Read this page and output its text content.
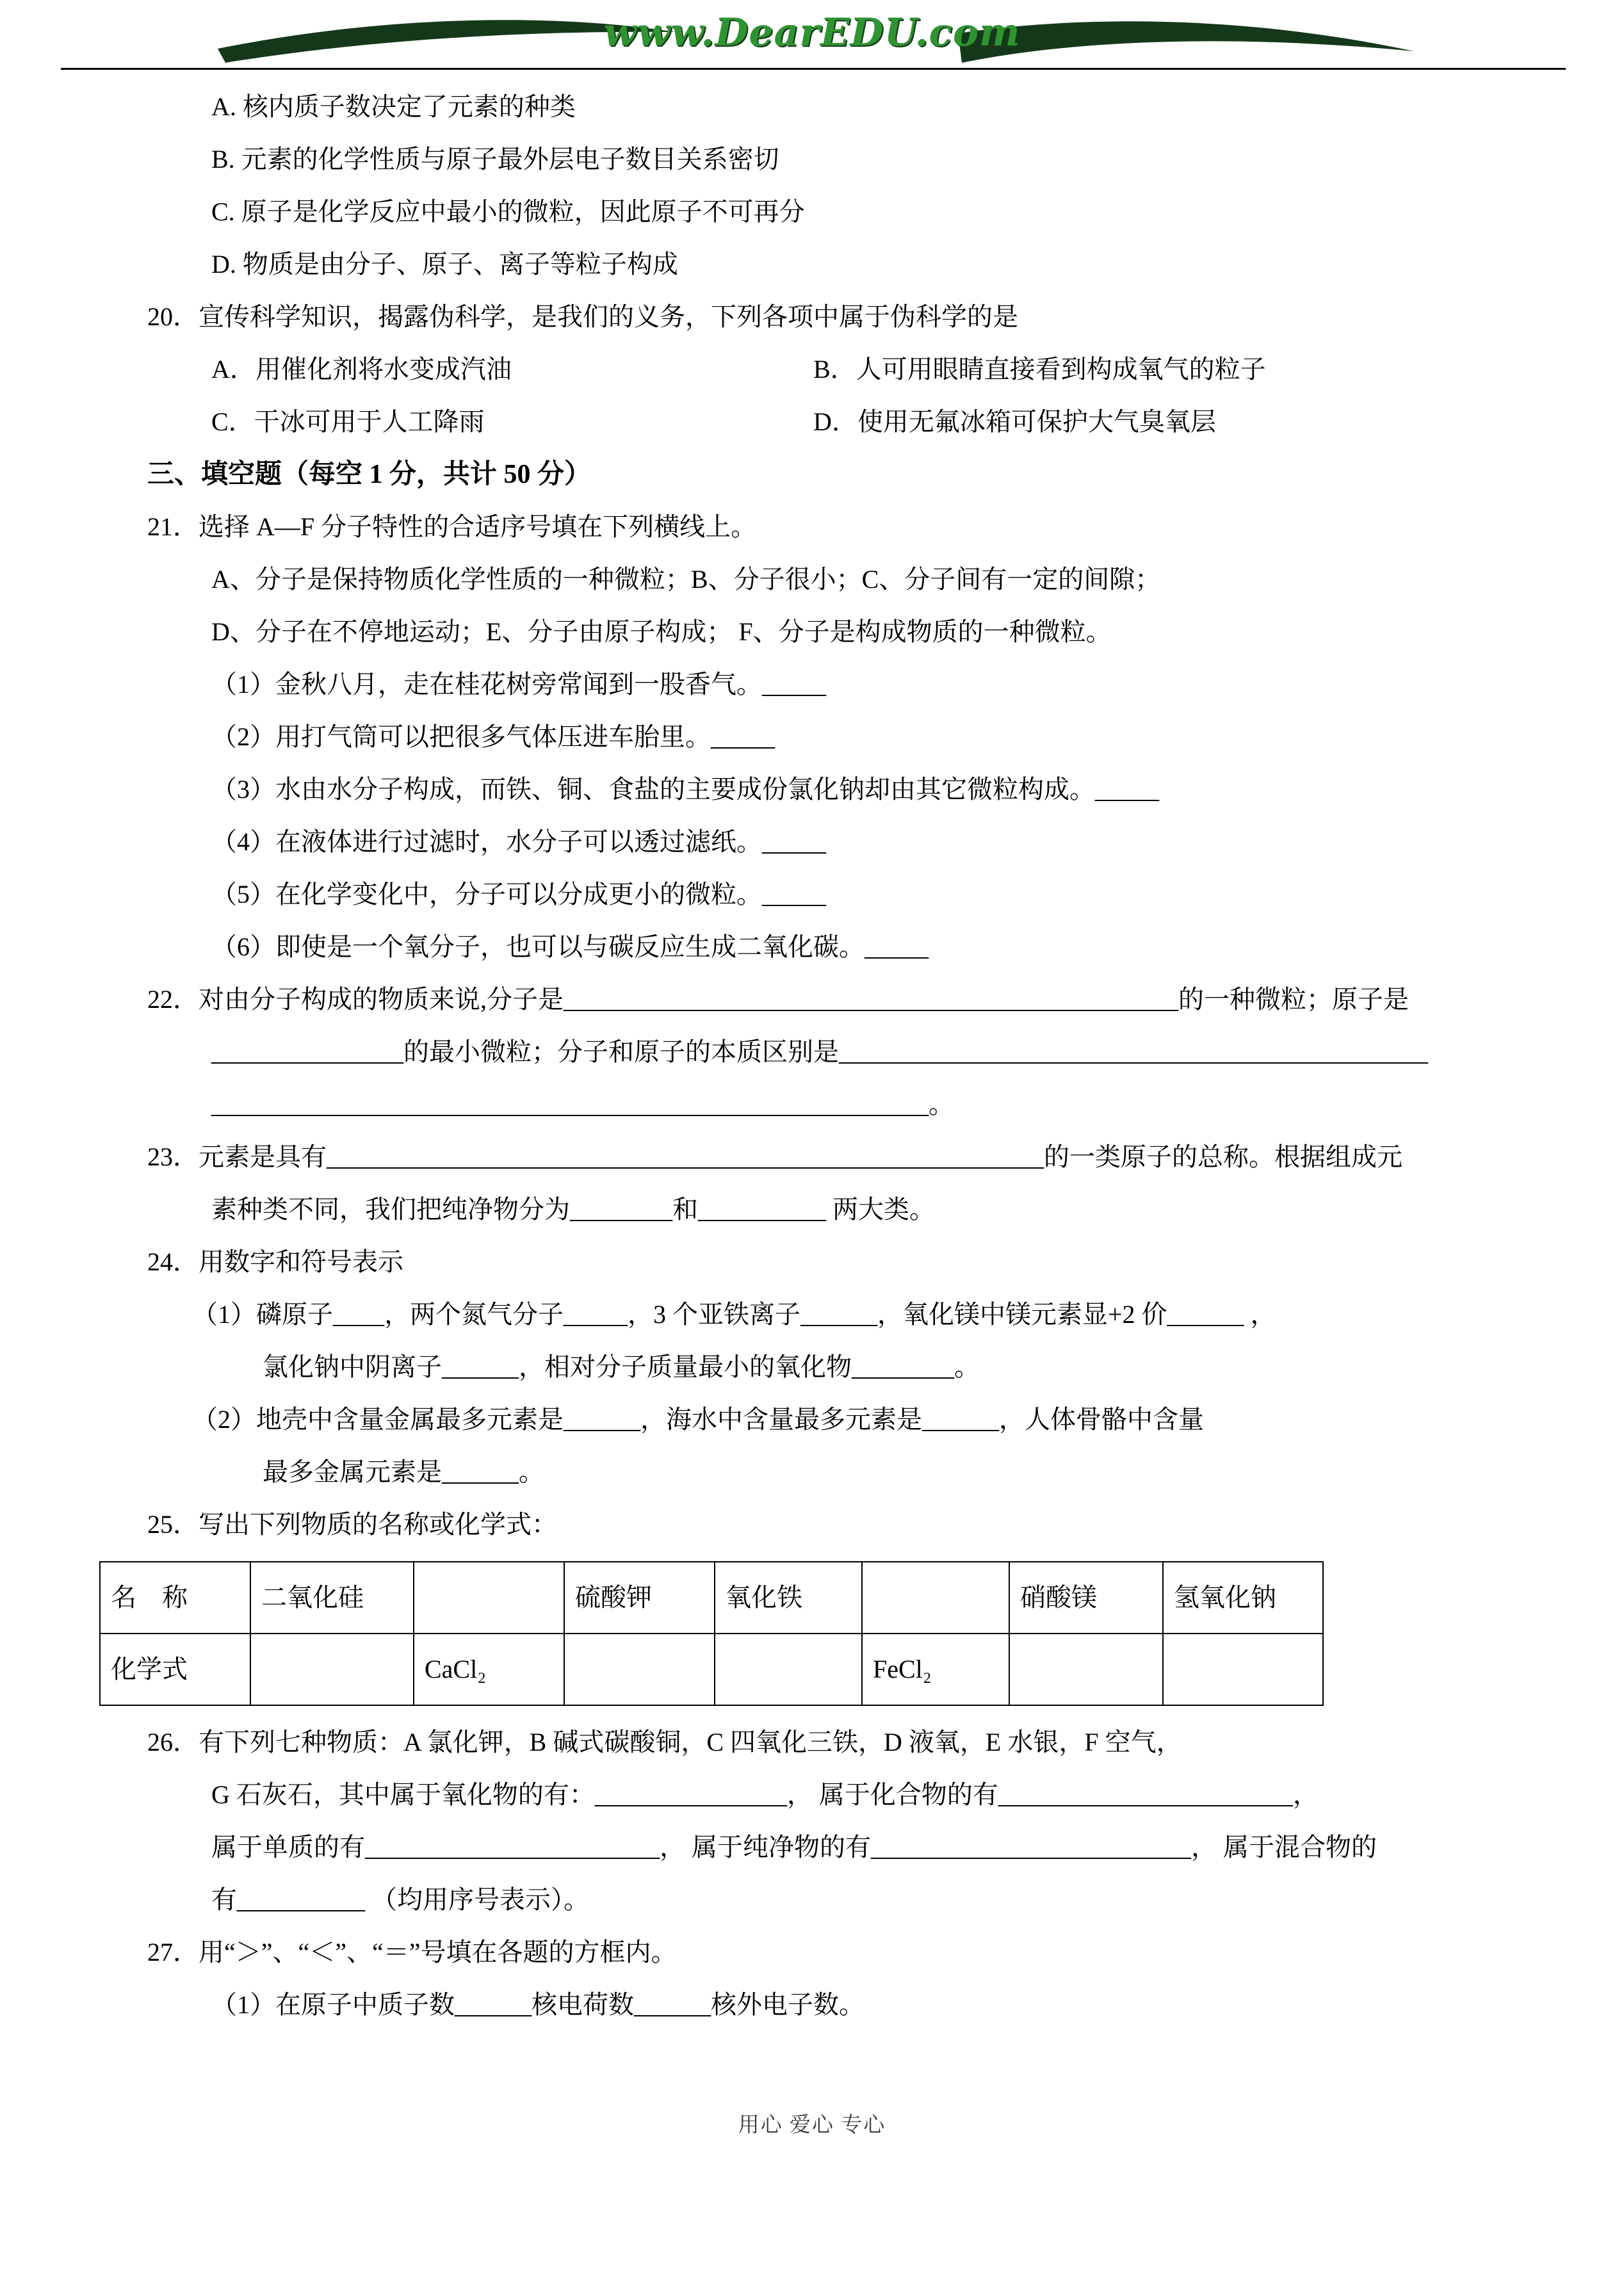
www.DearEDU.com
A. 核内质子数决定了元素的种类
B. 元素的化学性质与原子最外层电子数目关系密切
C. 原子是化学反应中最小的微粒，因此原子不可再分
D. 物质是由分子、原子、离子等粒子构成
20．宣传科学知识，揭露伪科学，是我们的义务，下列各项中属于伪科学的是
A．用催化剂将水变成汽油	B．人可用眼睛直接看到构成氧气的粒子
C．干冰可用于人工降雨	D．使用无氟冰箱可保护大气臭氧层
三、填空题（每空 1 分，共计 50 分）
21．选择 A—F 分子特性的合适序号填在下列横线上。
A、分子是保持物质化学性质的一种微粒；B、分子很小；C、分子间有一定的间隙；
D、分子在不停地运动；E、分子由原子构成； F、分子是构成物质的一种微粒。
（1）金秋八月，走在桂花树旁常闻到一股香气。_____
（2）用打气筒可以把很多气体压进车胎里。_____
（3）水由水分子构成，而铁、铜、食盐的主要成份氯化钠却由其它微粒构成。_____
（4）在液体进行过滤时，水分子可以透过滤纸。_____
（5）在化学变化中，分子可以分成更小的微粒。_____
（6）即使是一个氧分子，也可以与碳反应生成二氧化碳。_____
22．对由分子构成的物质来说,分子是________________________________________________的一种微粒；原子是
_______________的最小微粒；分子和原子的本质区别是______________________________________________
________________________________________________________。
23．元素是具有________________________________________________________的一类原子的总称。根据组成元
素种类不同，我们把纯净物分为________和__________ 两大类。
24．用数字和符号表示
（1）磷原子____，两个氮气分子_____，3 个亚铁离子______，氧化镁中镁元素显+2 价______ ，
氯化钠中阴离子______，相对分子质量最小的氧化物________。
（2）地壳中含量金属最多元素是______，海水中含量最多元素是______，人体骨骼中含量
最多金属元素是______。
25．写出下列物质的名称或化学式：
名　称	二氧化硅		硫酸钾	氧化铁		硝酸镁	氢氧化钠
化学式		CaCl₂			FeCl₂		
26．有下列七种物质：A 氯化钾，B 碱式碳酸铜，C 四氧化三铁，D 液氧，E 水银，F 空气，
G 石灰石，其中属于氧化物的有：_______________， 属于化合物的有_______________________，
属于单质的有_______________________， 属于纯净物的有_________________________， 属于混合物的
有__________ （均用序号表示）。
27．用“＞”、“＜”、“＝”号填在各题的方框内。
（1）在原子中质子数______核电荷数______核外电子数。
用心 爱心 专心
